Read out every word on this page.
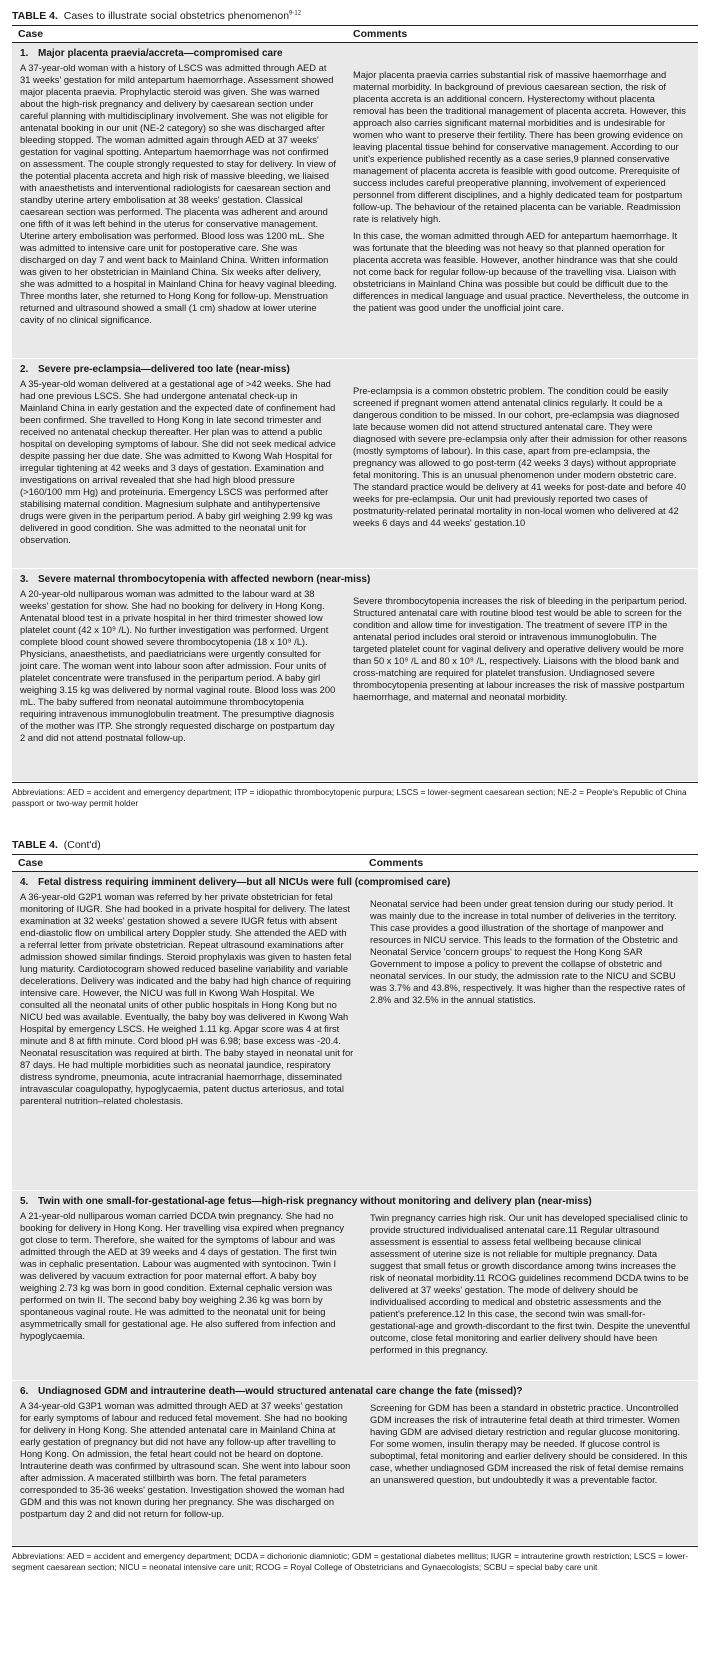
TABLE 4. Cases to illustrate social obstetrics phenomenon$^{9-12}$
Case	Comments
1. Major placenta praevia/accreta—compromised care

A 37-year-old woman with a history of LSCS was admitted through AED at 31 weeks' gestation for mild antepartum haemorrhage. Assessment showed major placenta praevia. Prophylactic steroid was given. She was warned about the high-risk pregnancy and delivery by caesarean section under careful planning with multidisciplinary involvement. She was not eligible for antenatal booking in our unit (NE-2 category) so she was discharged after bleeding stopped. The woman admitted again through AED at 37 weeks' gestation for vaginal spotting. Antepartum haemorrhage was not confirmed on assessment. The couple strongly requested to stay for delivery. In view of the potential placenta accreta and high risk of massive bleeding, we liaised with anaesthetists and interventional radiologists for caesarean section and standby uterine artery embolisation at 38 weeks' gestation. Classical caesarean section was performed. The placenta was adherent and around one fifth of it was left behind in the uterus for conservative management. Uterine artery embolisation was performed. Blood loss was 1200 mL. She was admitted to intensive care unit for postoperative care. She was discharged on day 7 and went back to Mainland China. Written information was given to her obstetrician in Mainland China. Six weeks after delivery, she was admitted to a hospital in Mainland China for heavy vaginal bleeding. Three months later, she returned to Hong Kong for follow-up. Menstruation returned and ultrasound showed a small (1 cm) shadow at lower uterine cavity of no clinical significance.

Major placenta praevia carries substantial risk of massive haemorrhage and maternal morbidity. In background of previous caesarean section, the risk of placenta accreta is an additional concern. Hysterectomy without placenta removal has been the traditional management of placenta accreta. However, this approach also carries significant maternal morbidities and is undesirable for women who want to preserve their fertility. There has been growing evidence on leaving placental tissue behind for conservative management. According to our unit's experience published recently as a case series,9 planned conservative management of placenta accreta is feasible with good outcome. Prerequisite of success includes careful preoperative planning, involvement of experienced personnel from different disciplines, and a highly dedicated team for postpartum follow-up. The behaviour of the retained placenta can be variable. Readmission rate is relatively high.

In this case, the woman admitted through AED for antepartum haemorrhage. It was fortunate that the bleeding was not heavy so that planned operation for placenta accreta was feasible. However, another hindrance was that she could not come back for regular follow-up because of the travelling visa. Liaison with obstetricians in Mainland China was possible but could be difficult due to the differences in medical language and usual practice. Nevertheless, the outcome in the patient was good under the unofficial joint care.

2. Severe pre-eclampsia—delivered too late (near-miss)

A 35-year-old woman delivered at a gestational age of >42 weeks. She had had one previous LSCS. She had undergone antenatal check-up in Mainland China in early gestation and the expected date of confinement had been confirmed. She travelled to Hong Kong in late second trimester and received no antenatal checkup thereafter. Her plan was to attend a public hospital on developing symptoms of labour. She did not seek medical advice despite passing her due date. She was admitted to Kwong Wah Hospital for irregular tightening at 42 weeks and 3 days of gestation. Examination and investigations on arrival revealed that she had high blood pressure (>160/100 mm Hg) and proteinuria. Emergency LSCS was performed after stabilising maternal condition. Magnesium sulphate and antihypertensive drugs were given in the peripartum period. A baby girl weighing 2.99 kg was delivered in good condition. She was admitted to the neonatal unit for observation.

Pre-eclampsia is a common obstetric problem. The condition could be easily screened if pregnant women attend antenatal clinics regularly. It could be a dangerous condition to be missed. In our cohort, pre-eclampsia was diagnosed late because women did not attend structured antenatal care. They were diagnosed with severe pre-eclampsia only after their admission for other reasons (mostly symptoms of labour). In this case, apart from pre-eclampsia, the pregnancy was allowed to go post-term (42 weeks 3 days) without appropriate fetal monitoring. This is an unusual phenomenon under modern obstetric care. The standard practice would be delivery at 41 weeks for post-date and before 40 weeks for pre-eclampsia. Our unit had previously reported two cases of postmaturity-related perinatal mortality in non-local women who delivered at 42 weeks 6 days and 44 weeks' gestation.10

3. Severe maternal thrombocytopenia with affected newborn (near-miss)

A 20-year-old nulliparous woman was admitted to the labour ward at 38 weeks' gestation for show. She had no booking for delivery in Hong Kong. Antenatal blood test in a private hospital in her third trimester showed low platelet count (42 x 10⁹ /L). No further investigation was performed. Urgent complete blood count showed severe thrombocytopenia (18 x 10⁹ /L). Physicians, anaesthetists, and paediatricians were urgently consulted for joint care. The woman went into labour soon after admission. Four units of platelet concentrate were transfused in the peripartum period. A baby girl weighing 3.15 kg was delivered by normal vaginal route. Blood loss was 200 mL. The baby suffered from neonatal autoimmune thrombocytopenia requiring intravenous immunoglobulin treatment. The presumptive diagnosis of the mother was ITP. She strongly requested discharge on postpartum day 2 and did not attend postnatal follow-up.

Severe thrombocytopenia increases the risk of bleeding in the peripartum period. Structured antenatal care with routine blood test would be able to screen for the condition and allow time for investigation. The treatment of severe ITP in the antenatal period includes oral steroid or intravenous immunoglobulin. The targeted platelet count for vaginal delivery and operative delivery would be more than 50 x 10⁹ /L and 80 x 10⁹ /L, respectively. Liaisons with the blood bank and cross-matching are required for platelet transfusion. Undiagnosed severe thrombocytopenia presenting at labour increases the risk of massive postpartum haemorrhage, and maternal and neonatal morbidity.

Abbreviations: AED = accident and emergency department; ITP = idiopathic thrombocytopenic purpura; LSCS = lower-segment caesarean section; NE-2 = People's Republic of China passport or two-way permit holder
TABLE 4. (Cont'd)
Case	Comments
4. Fetal distress requiring imminent delivery—but all NICUs were full (compromised care)

A 36-year-old G2P1 woman was referred by her private obstetrician for fetal monitoring of IUGR. She had booked in a private hospital for delivery. The latest examination at 32 weeks' gestation showed a severe IUGR fetus with absent end-diastolic flow on umbilical artery Doppler study. She attended the AED with a referral letter from private obstetrician. Repeat ultrasound examinations after admission showed similar findings. Steroid prophylaxis was given to hasten fetal lung maturity. Cardiotocogram showed reduced baseline variability and variable decelerations. Delivery was indicated and the baby had high chance of requiring intensive care. However, the NICU was full in Kwong Wah Hospital. We consulted all the neonatal units of other public hospitals in Hong Kong but no NICU bed was available. Eventually, the baby boy was delivered in Kwong Wah Hospital by emergency LSCS. He weighed 1.11 kg. Apgar score was 4 at first minute and 8 at fifth minute. Cord blood pH was 6.98; base excess was -20.4. Neonatal resuscitation was required at birth. The baby stayed in neonatal unit for 87 days. He had multiple morbidities such as neonatal jaundice, respiratory distress syndrome, pneumonia, acute intracranial haemorrhage, disseminated intravascular coagulopathy, hypoglycaemia, patent ductus arteriosus, and total parenteral nutrition–related cholestasis.

Neonatal service had been under great tension during our study period. It was mainly due to the increase in total number of deliveries in the territory. This case provides a good illustration of the shortage of manpower and resources in NICU service. This leads to the formation of the Obstetric and Neonatal Service 'concern groups' to request the Hong Kong SAR Government to impose a policy to prevent the collapse of obstetric and neonatal services. In our study, the admission rate to the NICU and SCBU was 3.7% and 43.8%, respectively. It was higher than the respective rates of 2.8% and 32.5% in the annual statistics.

5. Twin with one small-for-gestational-age fetus—high-risk pregnancy without monitoring and delivery plan (near-miss)

A 21-year-old nulliparous woman carried DCDA twin pregnancy. She had no booking for delivery in Hong Kong. Her travelling visa expired when pregnancy got close to term. Therefore, she waited for the symptoms of labour and was admitted through the AED at 39 weeks and 4 days of gestation. The first twin was in cephalic presentation. Labour was augmented with syntocinon. Twin I was delivered by vacuum extraction for poor maternal effort. A baby boy weighing 2.73 kg was born in good condition. External cephalic version was performed on twin II. The second baby boy weighing 2.36 kg was born by spontaneous vaginal route. He was admitted to the neonatal unit for being asymmetrically small for gestational age. He also suffered from infection and hypoglycaemia.

Twin pregnancy carries high risk. Our unit has developed specialised clinic to provide structured individualised antenatal care.11 Regular ultrasound assessment is essential to assess fetal wellbeing because clinical assessment of uterine size is not reliable for multiple pregnancy. Data suggest that small fetus or growth discordance among twins increases the risk of neonatal morbidity.11 RCOG guidelines recommend DCDA twins to be delivered at 37 weeks' gestation. The mode of delivery should be individualised according to medical and obstetric assessments and the patient's preference.12 In this case, the second twin was small-for-gestational-age and growth-discordant to the first twin. Despite the uneventful outcome, close fetal monitoring and earlier delivery should have been performed in this pregnancy.

6. Undiagnosed GDM and intrauterine death—would structured antenatal care change the fate (missed)?

A 34-year-old G3P1 woman was admitted through AED at 37 weeks' gestation for early symptoms of labour and reduced fetal movement. She had no booking for delivery in Hong Kong. She attended antenatal care in Mainland China at early gestation of pregnancy but did not have any follow-up after travelling to Hong Kong. On admission, the fetal heart could not be heard on doptone. Intrauterine death was confirmed by ultrasound scan. She went into labour soon after admission. A macerated stillbirth was born. The fetal parameters corresponded to 35-36 weeks' gestation. Investigation showed the woman had GDM and this was not known during her pregnancy. She was discharged on postpartum day 2 and did not return for follow-up.

Screening for GDM has been a standard in obstetric practice. Uncontrolled GDM increases the risk of intrauterine fetal death at third trimester. Women having GDM are advised dietary restriction and regular glucose monitoring. For some women, insulin therapy may be needed. If glucose control is suboptimal, fetal monitoring and earlier delivery should be considered. In this case, whether undiagnosed GDM increased the risk of fetal demise remains an unanswered question, but undoubtedly it was a preventable factor.

Abbreviations: AED = accident and emergency department; DCDA = dichorionic diamniotic; GDM = gestational diabetes mellitus; IUGR = intrauterine growth restriction; LSCS = lower-segment caesarean section; NICU = neonatal intensive care unit; RCOG = Royal College of Obstetricians and Gynaecologists; SCBU = special baby care unit
